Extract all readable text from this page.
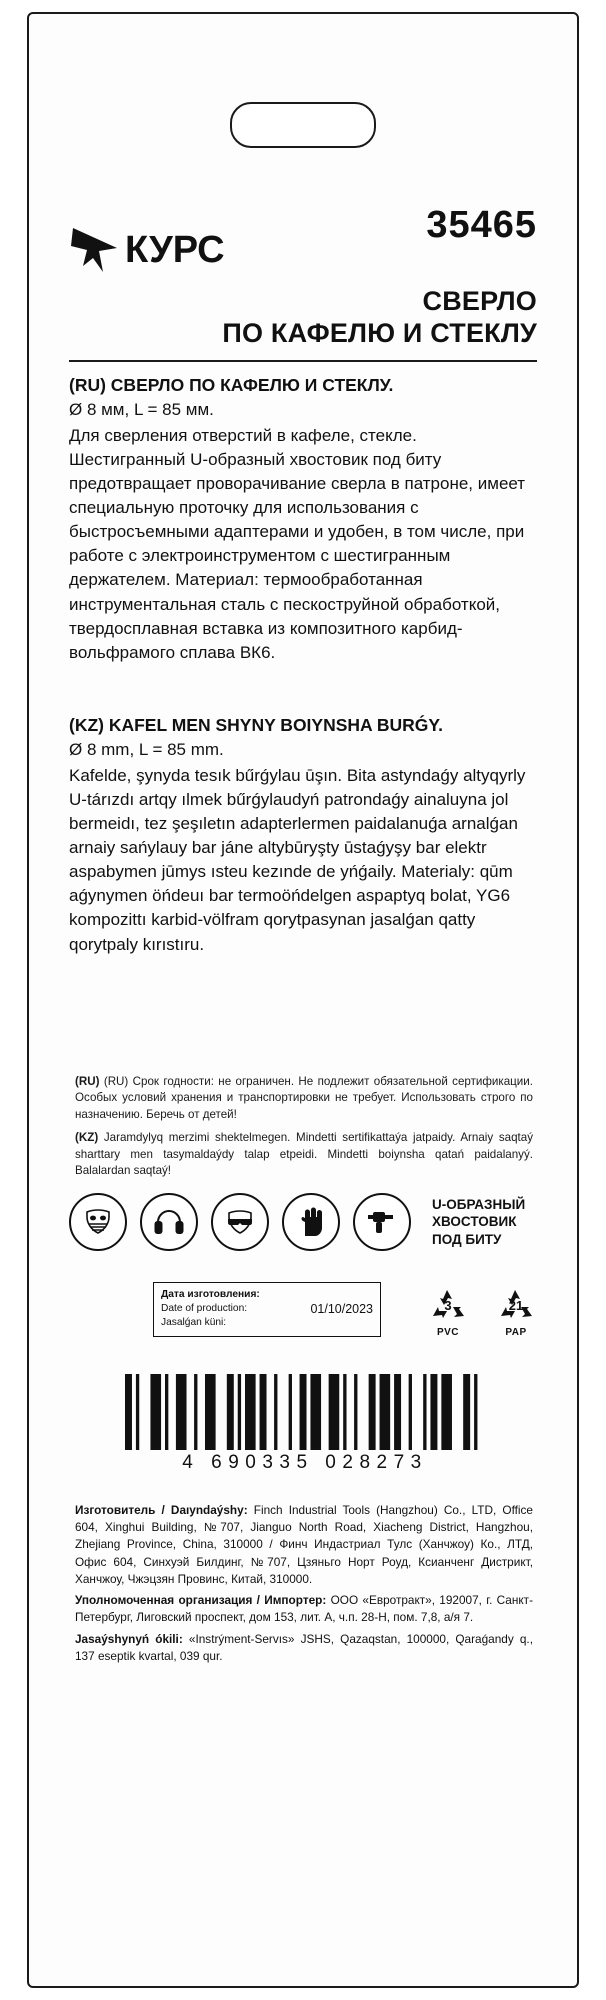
КУРС
35465
СВЕРЛО
ПО КАФЕЛЮ И СТЕКЛУ

(RU) СВЕРЛО ПО КАФЕЛЮ И СТЕКЛУ.

Ø 8 мм, L = 85 мм.

Для сверления отверстий в кафеле, стекле. Шестигранный U-образный хвостовик под биту предотвращает проворачивание сверла в патроне, имеет специальную проточку для использования с быстросъемными адаптерами и удобен, в том числе, при работе с электроинструментом с шестигранным держателем. Материал: термообработанная инструментальная сталь с пескоструйной обработкой, твердосплавная вставка из композитного карбид-вольфрамого сплава ВК6.

(KZ) KAFEL MEN SHYNY BOIYNSHA BURǴY.

Ø 8 mm, L = 85 mm.

Kafelde, şynyda tesık bűrǵylau ūşın. Bita astyndaǵy altyqyrly U-tárızdı artqy ılmek bűrǵylaudyń patrondaǵy ainaluyna jol bermeidı, tez şeşıletın adapterlermen paidalanuǵa arnalǵan arnaiy sańylauy bar jáne altybūryşty ūstaǵyşy bar elektr aspabymen jūmys ısteu kezınde de yńǵaily. Materialy: qūm aǵynymen öńdeuı bar termoöńdelgen aspaptyq bolat, YG6 kompozittı karbid-völfram qorytpasynan jasalǵan qatty qorytpaly kırıstıru.

(RU) (RU) Срок годности: не ограничен. Не подлежит обязательной сертификации. Особых условий хранения и транспортировки не требует. Использовать строго по назначению. Беречь от детей!

(KZ) Jaramdylyq merzimi shektelmegen. Mindetti sertifikattaýa jatpaidy. Arnaiy saqtaý sharttary men tasymaldaýdy talap etpeidi. Mindetti boiynsha qatań paidalanyý. Balalardan saqtaý!

U-ОБРАЗНЫЙ
ХВОСТОВИК
ПОД БИТУ
Дата изготовления:
Date of production:
Jasalǵan küni:
01/10/2023	3
PVC
21
PAP
4 690335 028273

Изготовитель / Daıyndaýshy: Finch Industrial Tools (Hangzhou) Co., LTD, Office 604, Xinghui Building, №707, Jianguo North Road, Xiacheng District, Hangzhou, Zhejiang Province, China, 310000 / Финч Индастриал Тулс (Ханчжоу) Ко., ЛТД, Офис 604, Синхуэй Билдинг, №707, Цзяньго Норт Роуд, Ксианченг Дистрикт, Ханчжоу, Чжэцзян Провинс, Китай, 310000.

Уполномоченная организация / Импортер: ООО «Евротракт», 192007, г. Санкт-Петербург, Лиговский проспект, дом 153, лит. А, ч.п. 28-Н, пом. 7,8, а/я 7.

Jasaýshynyń ókili: «Instrýment-Servıs» JSHS, Qazaqstan, 100000, Qaraǵandy q., 137 eseptik kvartal, 039 qur.
